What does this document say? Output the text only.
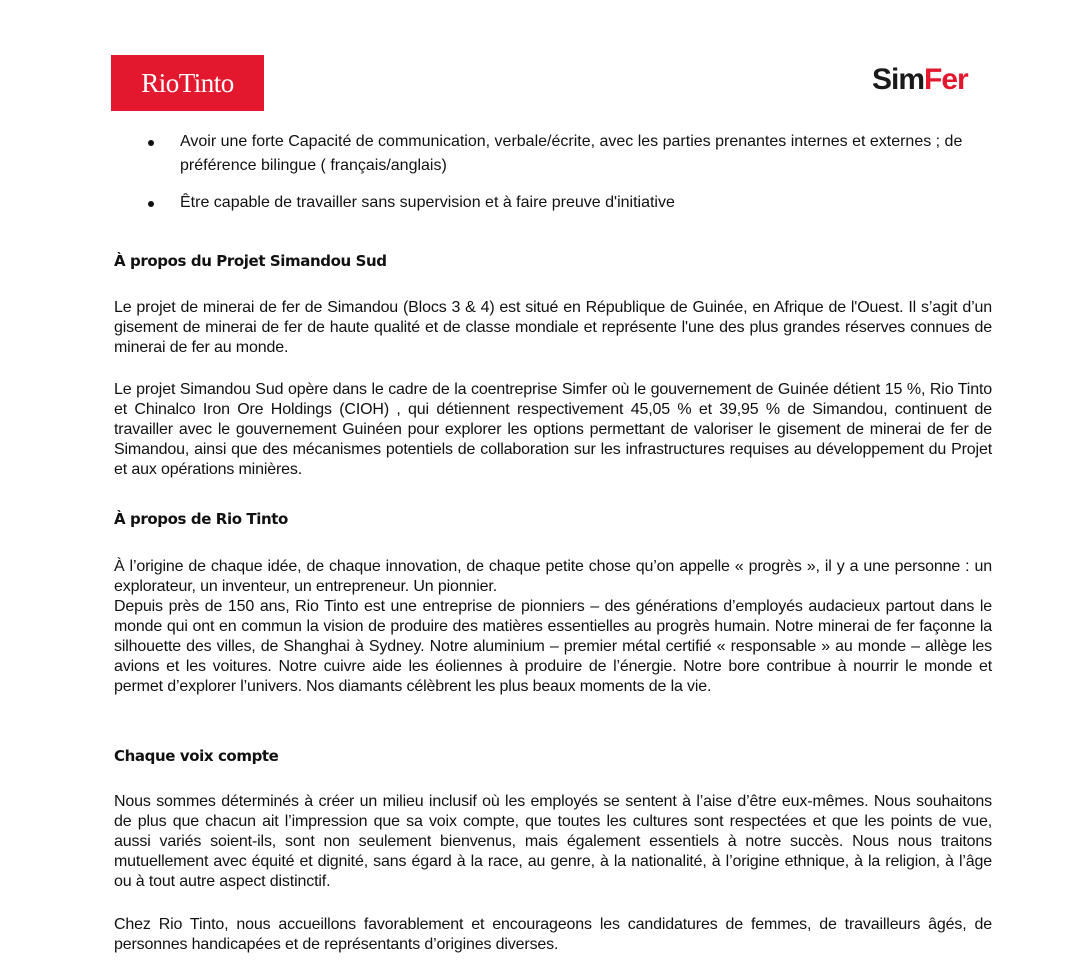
RioTinto	SimFer
Avoir une forte Capacité de communication, verbale/écrite, avec les parties prenantes internes et externes ; de préférence bilingue ( français/anglais)
Être capable de travailler sans supervision et à faire preuve d'initiative
À propos du Projet Simandou Sud

Le projet de minerai de fer de Simandou (Blocs 3 & 4) est situé en République de Guinée, en Afrique de l'Ouest. Il s’agit d’un gisement de minerai de fer de haute qualité et de classe mondiale et représente l'une des plus grandes réserves connues de minerai de fer au monde.

Le projet Simandou Sud opère dans le cadre de la coentreprise Simfer où le gouvernement de Guinée détient 15 %, Rio Tinto et Chinalco Iron Ore Holdings (CIOH) , qui détiennent respectivement 45,05 % et 39,95 % de Simandou, continuent de travailler avec le gouvernement Guinéen pour explorer les options permettant de valoriser le gisement de minerai de fer de Simandou, ainsi que des mécanismes potentiels de collaboration sur les infrastructures requises au développement du Projet et aux opérations minières.

À propos de Rio Tinto

À l’origine de chaque idée, de chaque innovation, de chaque petite chose qu’on appelle « progrès », il y a une personne : un explorateur, un inventeur, un entrepreneur. Un pionnier.

Depuis près de 150 ans, Rio Tinto est une entreprise de pionniers – des générations d’employés audacieux partout dans le monde qui ont en commun la vision de produire des matières essentielles au progrès humain. Notre minerai de fer façonne la silhouette des villes, de Shanghai à Sydney. Notre aluminium – premier métal certifié « responsable » au monde – allège les avions et les voitures. Notre cuivre aide les éoliennes à produire de l’énergie. Notre bore contribue à nourrir le monde et permet d’explorer l’univers. Nos diamants célèbrent les plus beaux moments de la vie.

Chaque voix compte

Nous sommes déterminés à créer un milieu inclusif où les employés se sentent à l’aise d’être eux-mêmes. Nous souhaitons de plus que chacun ait l’impression que sa voix compte, que toutes les cultures sont respectées et que les points de vue, aussi variés soient-ils, sont non seulement bienvenus, mais également essentiels à notre succès. Nous nous traitons mutuellement avec équité et dignité, sans égard à la race, au genre, à la nationalité, à l’origine ethnique, à la religion, à l’âge ou à tout autre aspect distinctif.

Chez Rio Tinto, nous accueillons favorablement et encourageons les candidatures de femmes, de travailleurs âgés, de personnes handicapées et de représentants d’origines diverses.
